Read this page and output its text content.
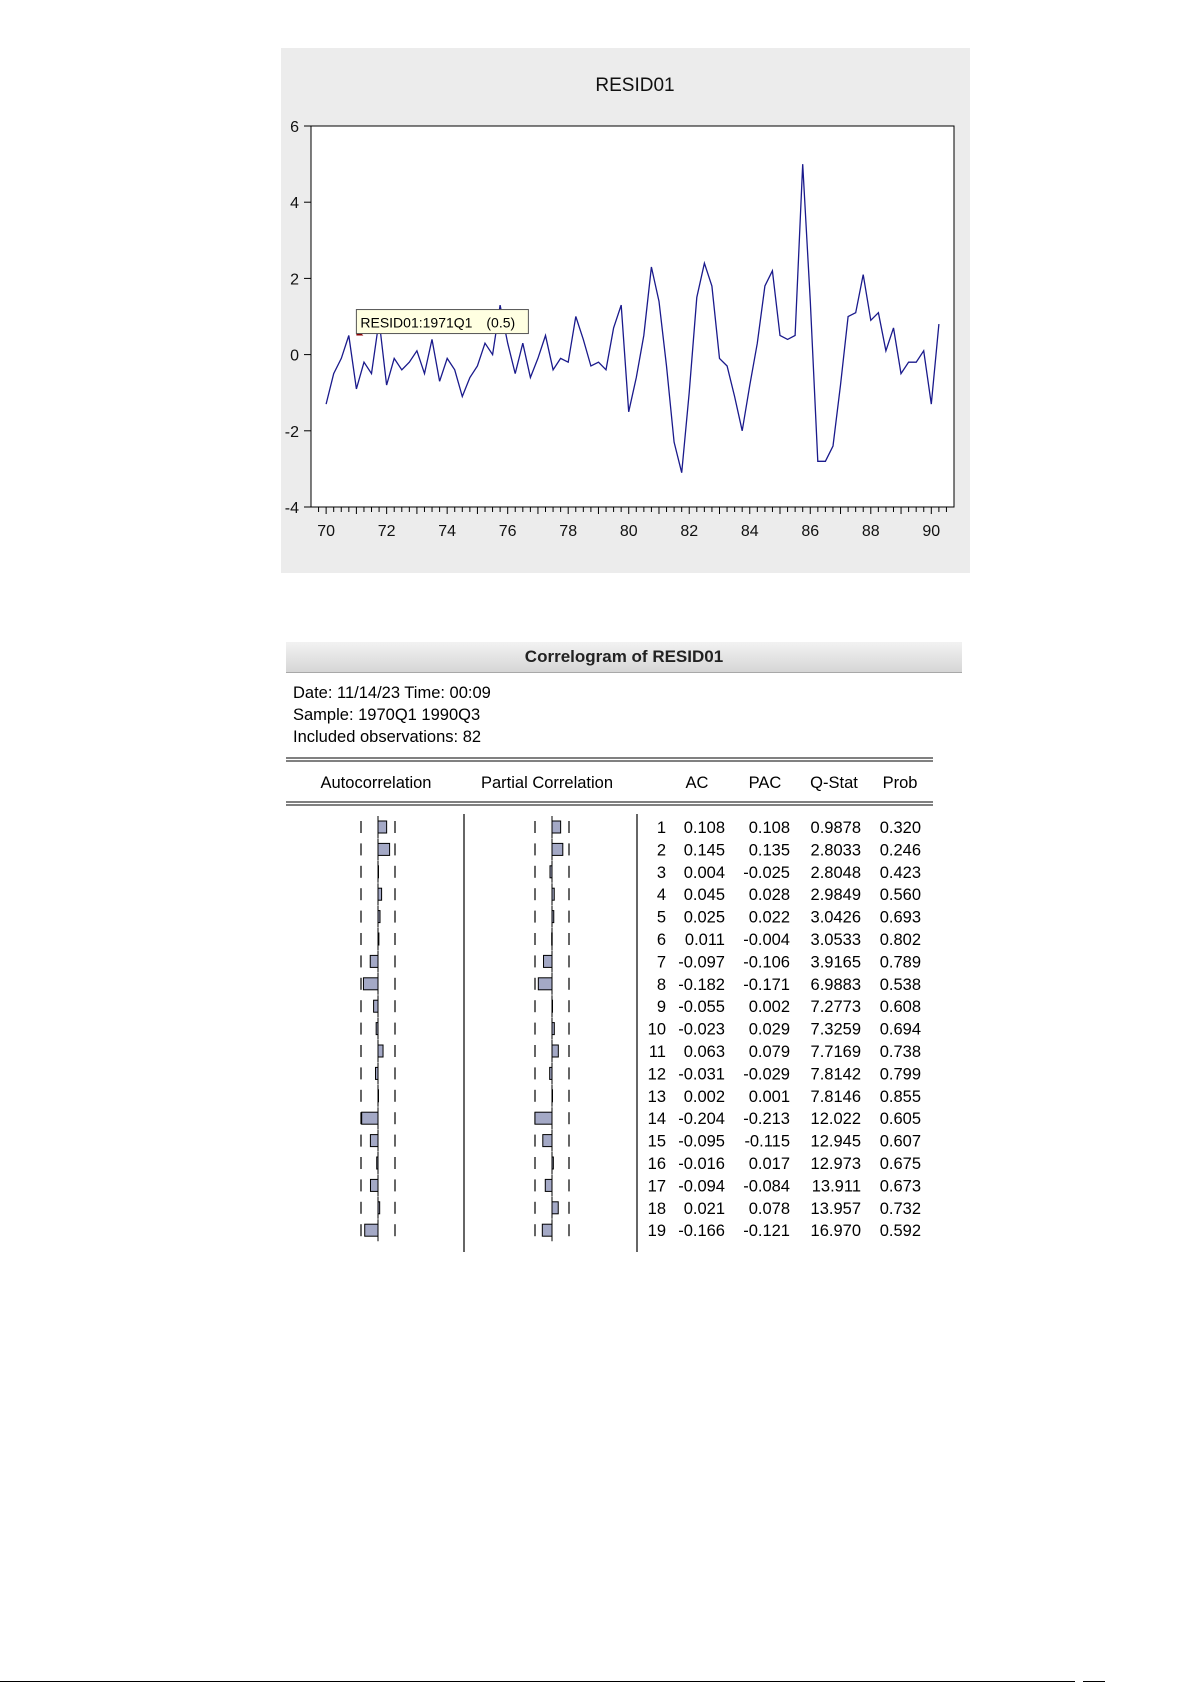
RESID01
6
4
2
0
-2
-4
70	72	74	76	78	80	82	84	86	88	90
RESID01:1971Q1 (0.5)
Correlogram of RESID01
Date: 11/14/23 Time: 00:09
Sample: 1970Q1 1990Q3
Included observations: 82
Autocorrelation	Partial Correlation	AC PAC Q-Stat Prob
1 0.108 0.108 0.9878 0.320
2 0.145 0.135 2.8033 0.246
3 0.004 -0.025 2.8048 0.423
4 0.045 0.028 2.9849 0.560
5 0.025 0.022 3.0426 0.693
6 0.011 -0.004 3.0533 0.802
7 -0.097 -0.106 3.9165 0.789
8 -0.182 -0.171 6.9883 0.538
9 -0.055 0.002 7.2773 0.608
10 -0.023 0.029 7.3259 0.694
11 0.063 0.079 7.7169 0.738
12 -0.031 -0.029 7.8142 0.799
13 0.002 0.001 7.8146 0.855
14 -0.204 -0.213 12.022 0.605
15 -0.095 -0.115 12.945 0.607
16 -0.016 0.017 12.973 0.675
17 -0.094 -0.084 13.911 0.673
18 0.021 0.078 13.957 0.732
19 -0.166 -0.121 16.970 0.592
